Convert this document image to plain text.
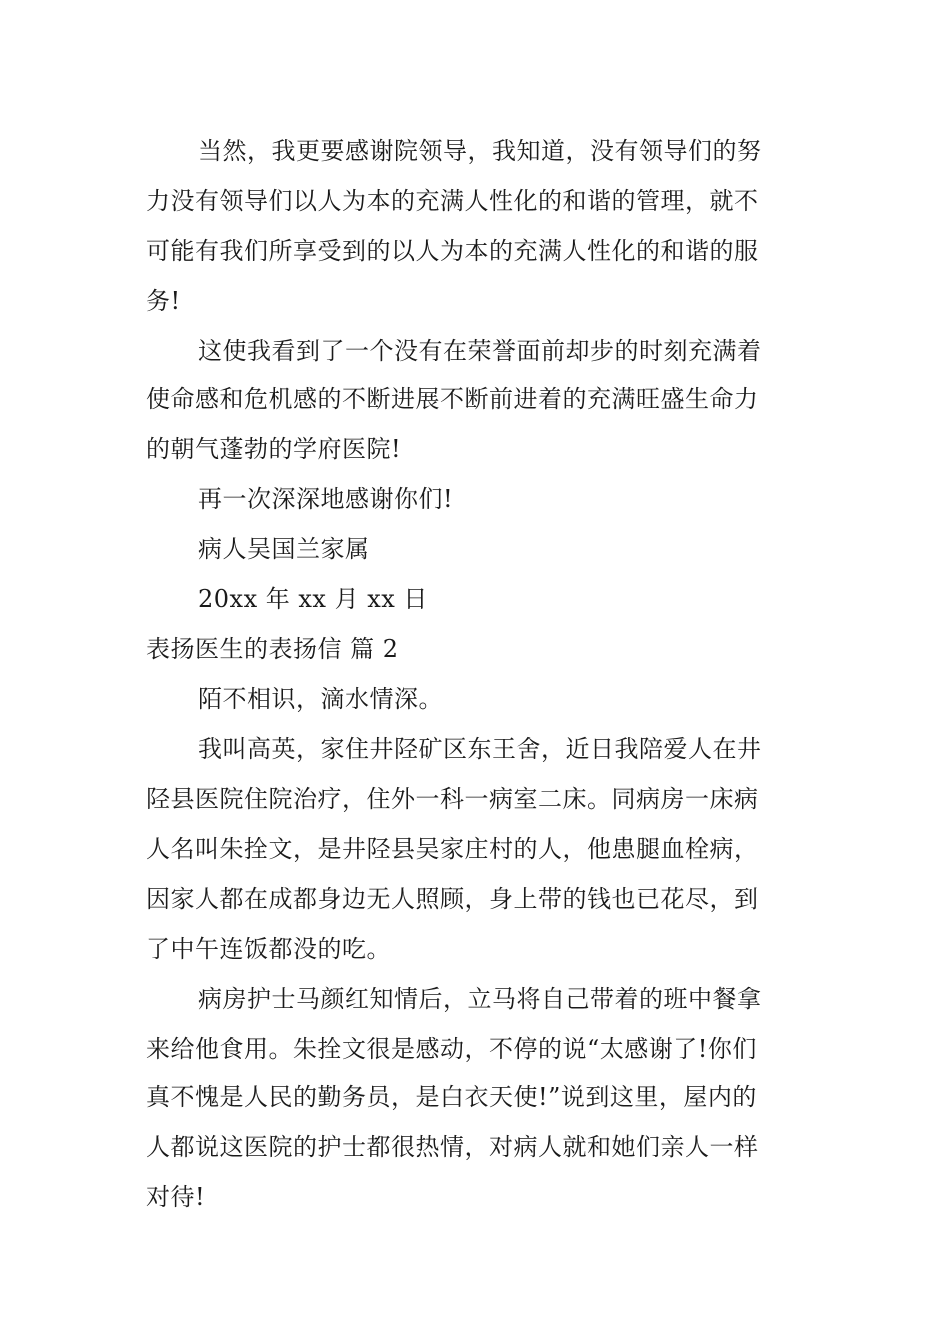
当然，我更要感谢院领导，我知道，没有领导们的努
力没有领导们以人为本的充满人性化的和谐的管理，就不
可能有我们所享受到的以人为本的充满人性化的和谐的服
务!
这使我看到了一个没有在荣誉面前却步的时刻充满着
使命感和危机感的不断进展不断前进着的充满旺盛生命力
的朝气蓬勃的学府医院!
再一次深深地感谢你们!
病人吴国兰家属
20xx 年 xx 月 xx 日
表扬医生的表扬信 篇 2
陌不相识，滴水情深。
我叫高英，家住井陉矿区东王舍，近日我陪爱人在井
陉县医院住院治疗，住外一科一病室二床。同病房一床病
人名叫朱拴文，是井陉县吴家庄村的人，他患腿血栓病，
因家人都在成都身边无人照顾，身上带的钱也已花尽，到
了中午连饭都没的吃。
病房护士马颜红知情后，立马将自己带着的班中餐拿
来给他食用。朱拴文很是感动，不停的说“太感谢了!你们
真不愧是人民的勤务员，是白衣天使!”说到这里，屋内的
人都说这医院的护士都很热情，对病人就和她们亲人一样
对待!
